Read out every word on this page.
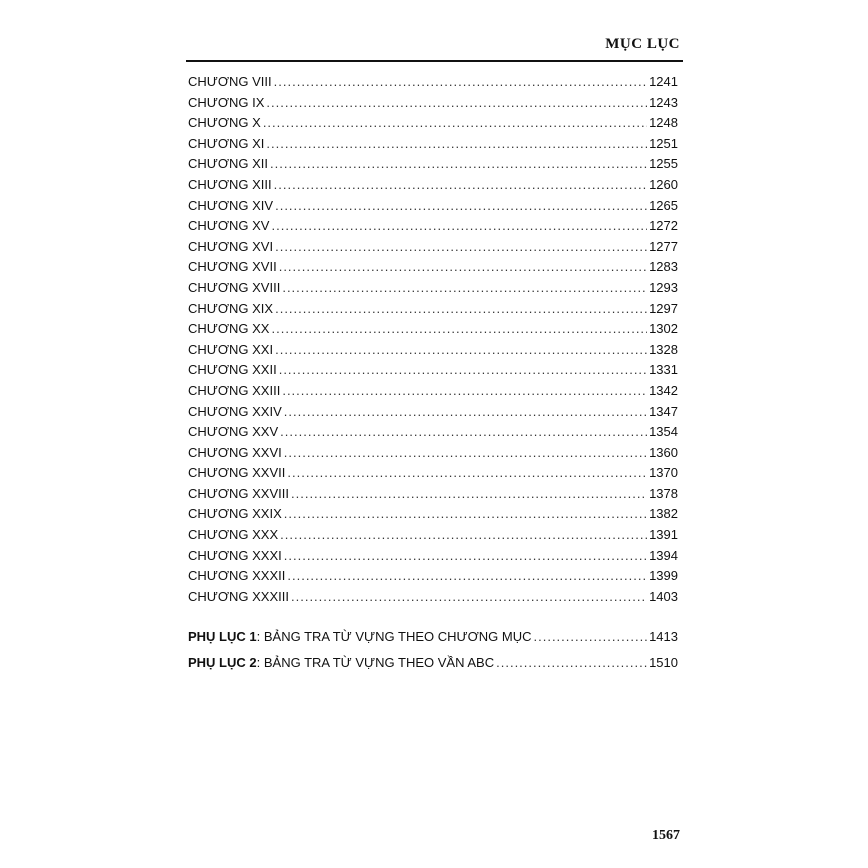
MỤC LỤC
CHƯƠNG VIII .....	1241
CHƯƠNG IX .....	1243
CHƯƠNG X .....	1248
CHƯƠNG XI .....	1251
CHƯƠNG XII .....	1255
CHƯƠNG XIII .....	1260
CHƯƠNG XIV .....	1265
CHƯƠNG XV .....	1272
CHƯƠNG XVI .....	1277
CHƯƠNG XVII .....	1283
CHƯƠNG XVIII .....	1293
CHƯƠNG XIX .....	1297
CHƯƠNG XX .....	1302
CHƯƠNG XXI .....	1328
CHƯƠNG XXII .....	1331
CHƯƠNG XXIII .....	1342
CHƯƠNG XXIV .....	1347
CHƯƠNG XXV .....	1354
CHƯƠNG XXVI .....	1360
CHƯƠNG XXVII .....	1370
CHƯƠNG XXVIII .....	1378
CHƯƠNG XXIX .....	1382
CHƯƠNG XXX .....	1391
CHƯƠNG XXXI .....	1394
CHƯƠNG XXXII .....	1399
CHƯƠNG XXXIII .....	1403
PHỤ LỤC 1: BẢNG TRA TỪ VỰNG THEO CHƯƠNG MỤC .....	1413
PHỤ LỤC 2: BẢNG TRA TỪ VỰNG THEO VẦN ABC .....	1510
1567
